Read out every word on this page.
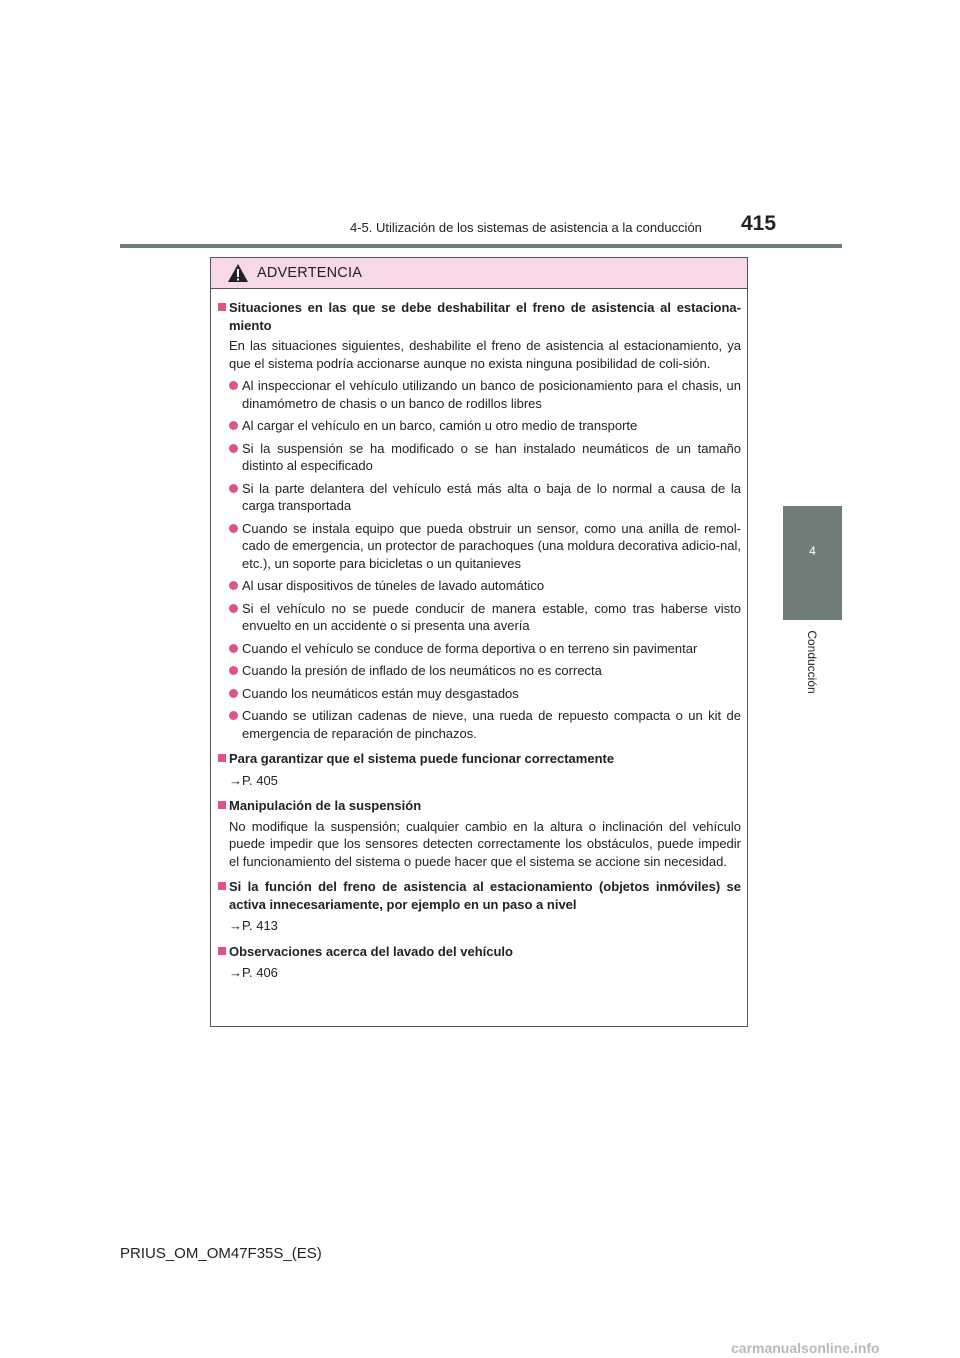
4-5. Utilización de los sistemas de asistencia a la conducción 415
4
Conducción
ADVERTENCIA
Situaciones en las que se debe deshabilitar el freno de asistencia al estaciona-miento
En las situaciones siguientes, deshabilite el freno de asistencia al estacionamiento, ya que el sistema podría accionarse aunque no exista ninguna posibilidad de coli-sión.
Al inspeccionar el vehículo utilizando un banco de posicionamiento para el chasis, un dinamómetro de chasis o un banco de rodillos libres
Al cargar el vehículo en un barco, camión u otro medio de transporte
Si la suspensión se ha modificado o se han instalado neumáticos de un tamaño distinto al especificado
Si la parte delantera del vehículo está más alta o baja de lo normal a causa de la carga transportada
Cuando se instala equipo que pueda obstruir un sensor, como una anilla de remol-cado de emergencia, un protector de parachoques (una moldura decorativa adicio-nal, etc.), un soporte para bicicletas o un quitanieves
Al usar dispositivos de túneles de lavado automático
Si el vehículo no se puede conducir de manera estable, como tras haberse visto envuelto en un accidente o si presenta una avería
Cuando el vehículo se conduce de forma deportiva o en terreno sin pavimentar
Cuando la presión de inflado de los neumáticos no es correcta
Cuando los neumáticos están muy desgastados
Cuando se utilizan cadenas de nieve, una rueda de repuesto compacta o un kit de emergencia de reparación de pinchazos.
Para garantizar que el sistema puede funcionar correctamente
→P. 405
Manipulación de la suspensión
No modifique la suspensión; cualquier cambio en la altura o inclinación del vehículo puede impedir que los sensores detecten correctamente los obstáculos, puede impedir el funcionamiento del sistema o puede hacer que el sistema se accione sin necesidad.
Si la función del freno de asistencia al estacionamiento (objetos inmóviles) se activa innecesariamente, por ejemplo en un paso a nivel
→P. 413
Observaciones acerca del lavado del vehículo
→P. 406
PRIUS_OM_OM47F35S_(ES)
carmanualsonline.info
